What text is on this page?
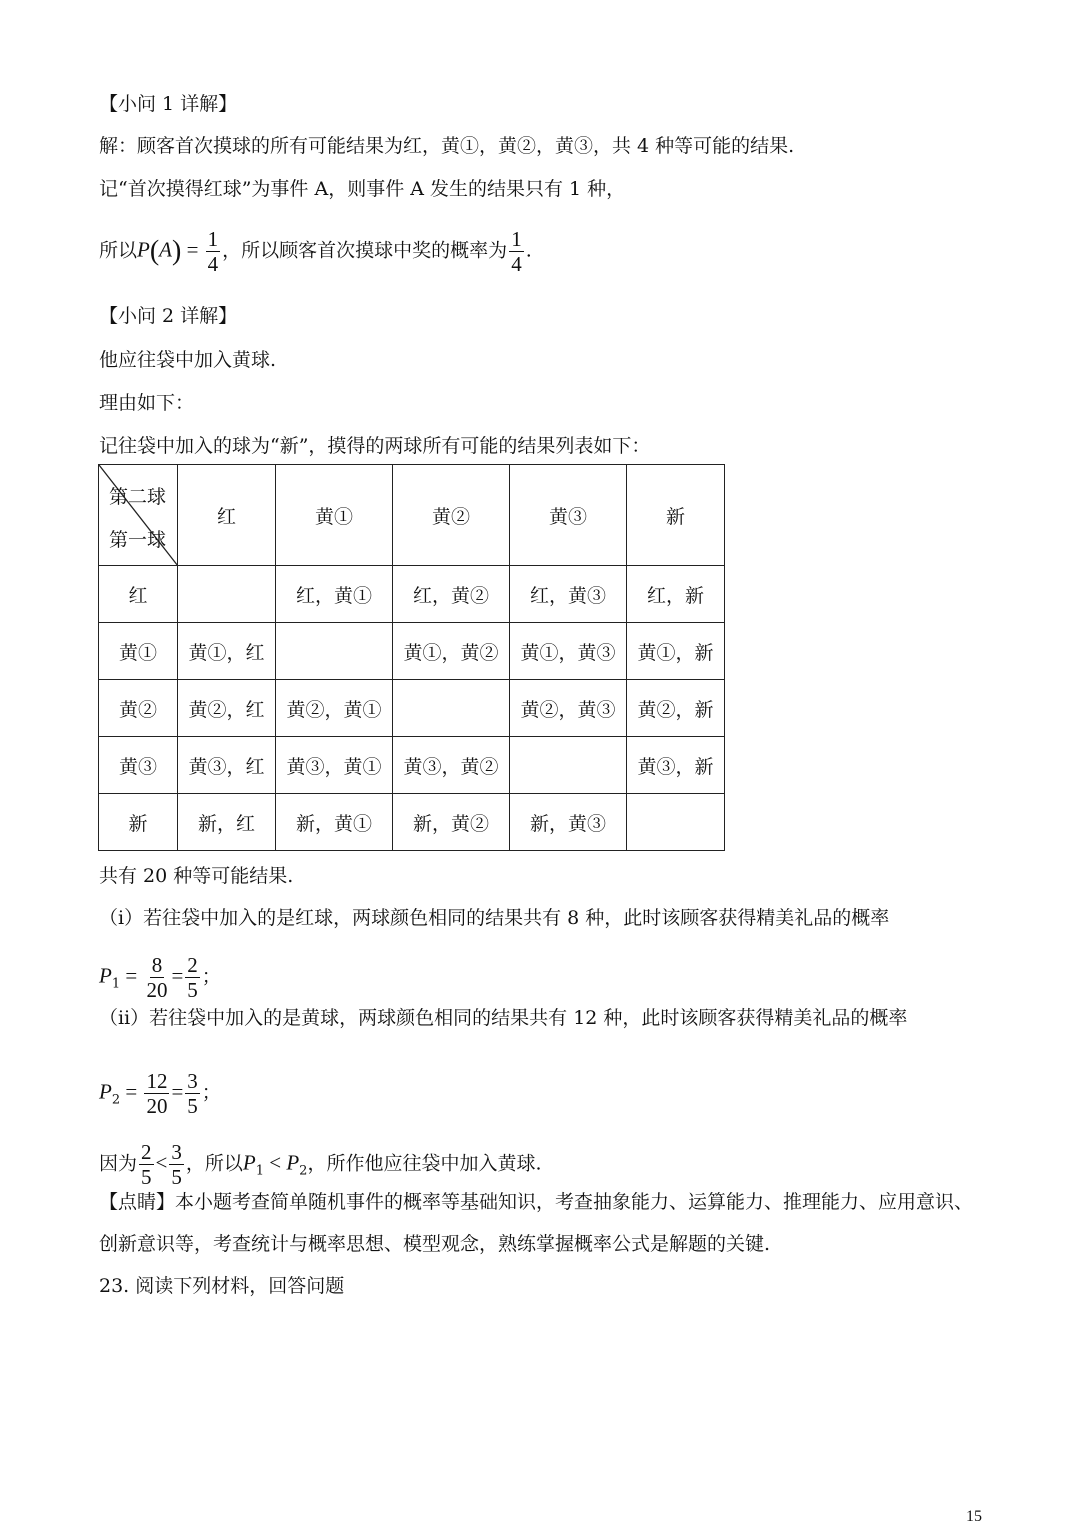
【小问 1 详解】
解：顾客首次摸球的所有可能结果为红，黄①，黄②，黄③，共 4 种等可能的结果.
记“首次摸得红球”为事件 A，则事件 A 发生的结果只有 1 种，
所以$P(A) = \frac{1}{4}$ ，所以顾客首次摸球中奖的概率为 $\frac{1}{4}$ .
【小问 2 详解】
他应往袋中加入黄球.
理由如下：
记往袋中加入的球为“新”，摸得的两球所有可能的结果列表如下：
第二球
第一球	红	黄①	黄②	黄③	新
红		红，黄①	红，黄②	红，黄③	红，新
黄①	黄①，红		黄①，黄②	黄①，黄③	黄①，新
黄②	黄②，红	黄②，黄①		黄②，黄③	黄②，新
黄③	黄③，红	黄③，黄①	黄③，黄②		黄③，新
新	新，红	新，黄①	新，黄②	新，黄③	
共有 20 种等可能结果.
（ⅰ）若往袋中加入的是红球，两球颜色相同的结果共有 8 种，此时该顾客获得精美礼品的概率
$P_1 = \frac{8}{20} = \frac{2}{5}$ ；
（ⅱ）若往袋中加入的是黄球，两球颜色相同的结果共有 12 种，此时该顾客获得精美礼品的概率
$P_2 = \frac{12}{20} = \frac{3}{5}$ ；
因为 $\frac{2}{5} < \frac{3}{5}$ ，所以$P_1 < P_2$，所作他应往袋中加入黄球.
【点睛】本小题考查简单随机事件的概率等基础知识，考查抽象能力、运算能力、推理能力、应用意识、
创新意识等，考查统计与概率思想、模型观念，熟练掌握概率公式是解题的关键.
23. 阅读下列材料，回答问题
15
